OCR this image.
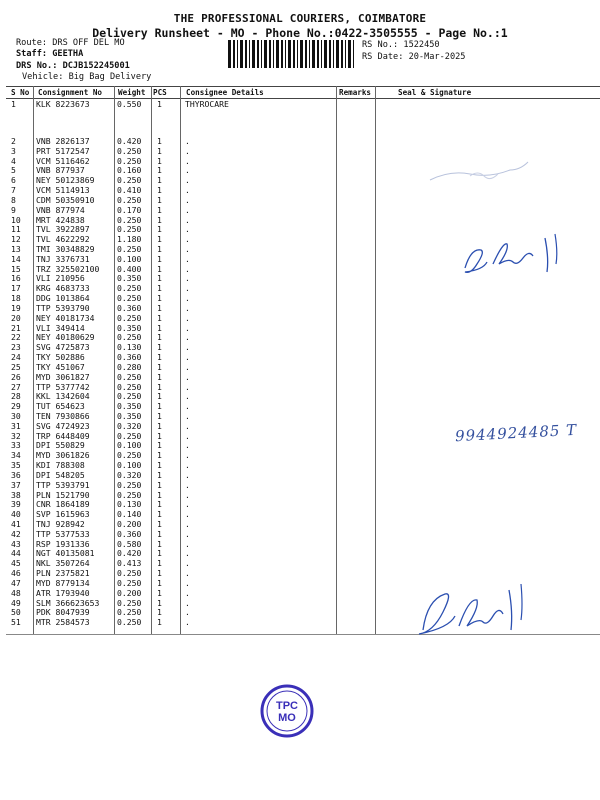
THE PROFESSIONAL COURIERS, COIMBATORE
Delivery Runsheet - MO - Phone No.:0422-3505555 - Page No.:1
Route: DRS OFF DEL MO
Staff: GEETHA
DRS No.: DCJB152245001
Vehicle: Big Bag Delivery
RS No.: 1522450
RS Date: 20-Mar-2025
S No Consignment No Weight PCS	Consignee Details	Remarks	Seal & Signature
1 KLK 8223673	0.550 1	THYROCARE
2 VNB 2826137	0.420 1	.
3 PRT 5172547	0.250 1	.
4 VCM 5116462	0.250 1	.
5 VNB 877937	0.160 1	.
6 NEY 50123869	0.250 1	.
7 VCM 5114913	0.410 1	.
8 CDM 50350910	0.250 1	.
9 VNB 877974	0.170 1	.
10 MRT 424838	0.250 1	.
11 TVL 3922897	0.250 1	.
12 TVL 4622292	1.180 1	.
13 TMI 30348829	0.250 1	.
14 TNJ 3376731	0.100 1	.
15 TRZ 325502100 0.400 1	.
16 VLI 210956	0.350 1	.
17 KRG 4683733	0.250 1	.
18 DDG 1013864	0.250 1	.
19 TTP 5393790	0.360 1	.
20 NEY 40181734	0.250 1	.
21 VLI 349414	0.350 1	.
22 NEY 40180629	0.250 1	.
23 SVG 4725873	0.130 1	.
24 TKY 502886	0.360 1	.
25 TKY 451067	0.280 1	.
26 MYD 3061827	0.250 1	.
27 TTP 5377742	0.250 1	.
28 KKL 1342604	0.250 1	.
29 TUT 654623	0.350 1	.
30 TEN 7930866	0.350 1	.
31 SVG 4724923	0.320 1	.
32 TRP 6448409	0.250 1	.
33 DPI 550829	0.100 1	.
34 MYD 3061826	0.250 1	.
35 KDI 788308	0.100 1	.
36 DPI 548205	0.320 1	.
37 TTP 5393791	0.250 1	.
38 PLN 1521790	0.250 1	.
39 CNR 1864189	0.130 1	.
40 SVP 1615963	0.140 1	.
41 TNJ 928942	0.200 1	.
42 TTP 5377533	0.360 1	.
43 RSP 1931336	0.580 1	.
44 NGT 40135081	0.420 1	.
45 NKL 3507264	0.413 1	.
46 PLN 2375821	0.250 1	.
47 MYD 8779134	0.250 1	.
48 ATR 1793940	0.200 1	.
49 SLM 366623653 0.250 1	.
50 PDK 8047939	0.250 1	.
51 MTR 2584573	0.250 1	.
9944924485 T
TPC
MO
